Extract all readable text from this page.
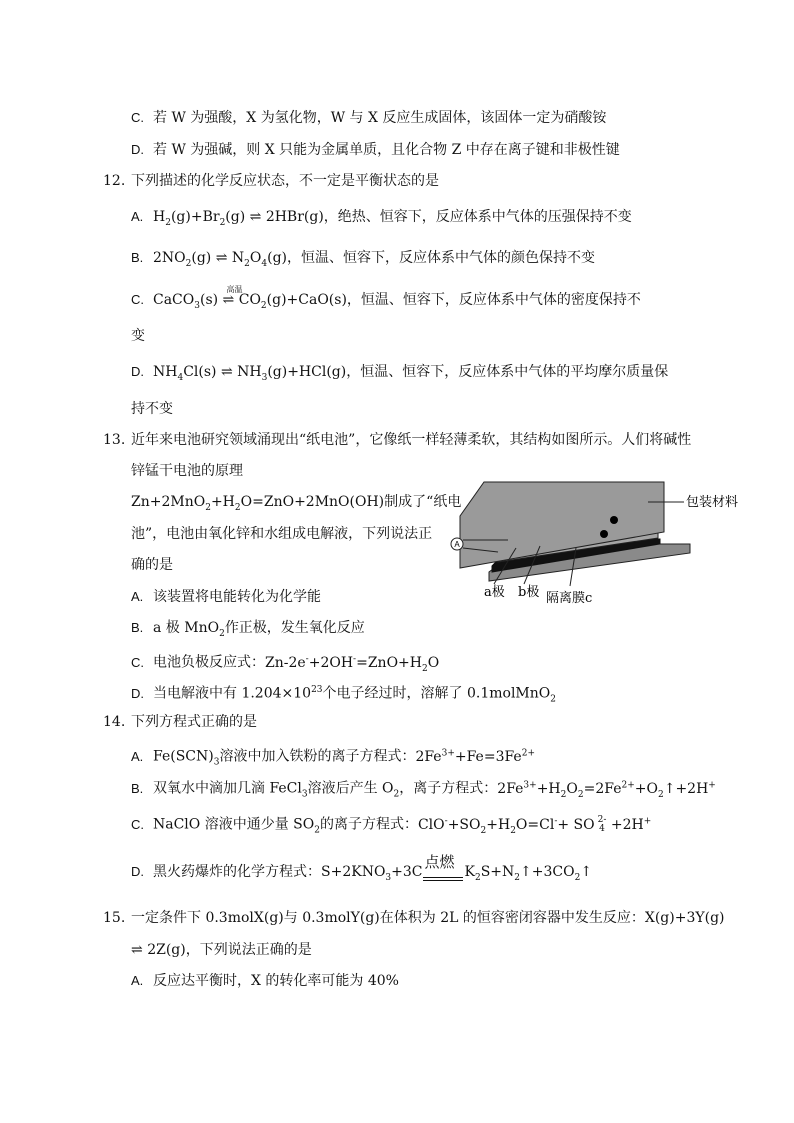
C. 若 W 为强酸，X 为氢化物，W 与 X 反应生成固体，该固体一定为硝酸铵
D. 若 W 为强碱，则 X 只能为金属单质，且化合物 Z 中存在离子键和非极性键
12. 下列描述的化学反应状态，不一定是平衡状态的是
A. $H_2(g)+Br_2(g)$ ⇌ 2HBr(g)，绝热、恒容下，反应体系中气体的压强保持不变
B. $2NO_2(g)$ ⇌ $N_2O_4(g)$，恒温、恒容下，反应体系中气体的颜色保持不变
C. CaCO$_3$(s)
高温
⇌ $CO_2(g)+CaO(s)$，恒温、恒容下，反应体系中气体的密度保持不
变
D. $NH_4Cl(s)$ ⇌ $NH_3(g)+HCl(g)$，恒温、恒容下，反应体系中气体的平均摩尔质量保
持不变
13. 近年来电池研究领域涌现出“纸电池”，它像纸一样轻薄柔软，其结构如图所示。人们将碱性
锌锰干电池的原理
$Zn+2MnO_2+H_2O=ZnO+2MnO(OH)$制成了“纸电
池”，电池由氧化锌和水组成电解液，下列说法正
确的是
A. 该装置将电能转化为化学能
B. a 极 MnO$_2$作正极，发生氧化反应
C. 电池负极反应式：$Zn-2e^-+2OH^-=ZnO+H_2O$
D. 当电解液中有 $1.204\times 10^{23}$个电子经过时，溶解了 0.1molMnO$_2$
A
包装材料
a极 b极 隔离膜c
14. 下列方程式正确的是
A. $Fe(SCN)_3$溶液中加入铁粉的离子方程式：$2Fe^{3+}+Fe=3Fe^{2+}$
B. 双氧水中滴加几滴 FeCl$_3$溶液后产生 $O_2$，离子方程式：$2Fe^{3+}+H_2O_2=2Fe^{2+}+O_2↑+2H^+$
C. NaClO 溶液中通少量 $SO_2$的离子方程式：$ClO^-+SO_2+H_2O=Cl^-+$ SO 2-
4 +2H+
D. 黑火药爆炸的化学方程式：$S+2KNO_3+3C$
点燃
$K_2S+N_2↑+3CO_2↑$
15. 一定条件下 0.3molX(g)与 0.3molY(g)在体积为 2L 的恒容密闭容器中发生反应：X(g)+3Y(g)
⇌ 2Z(g)，下列说法正确的是
A. 反应达平衡时，X 的转化率可能为 40%
